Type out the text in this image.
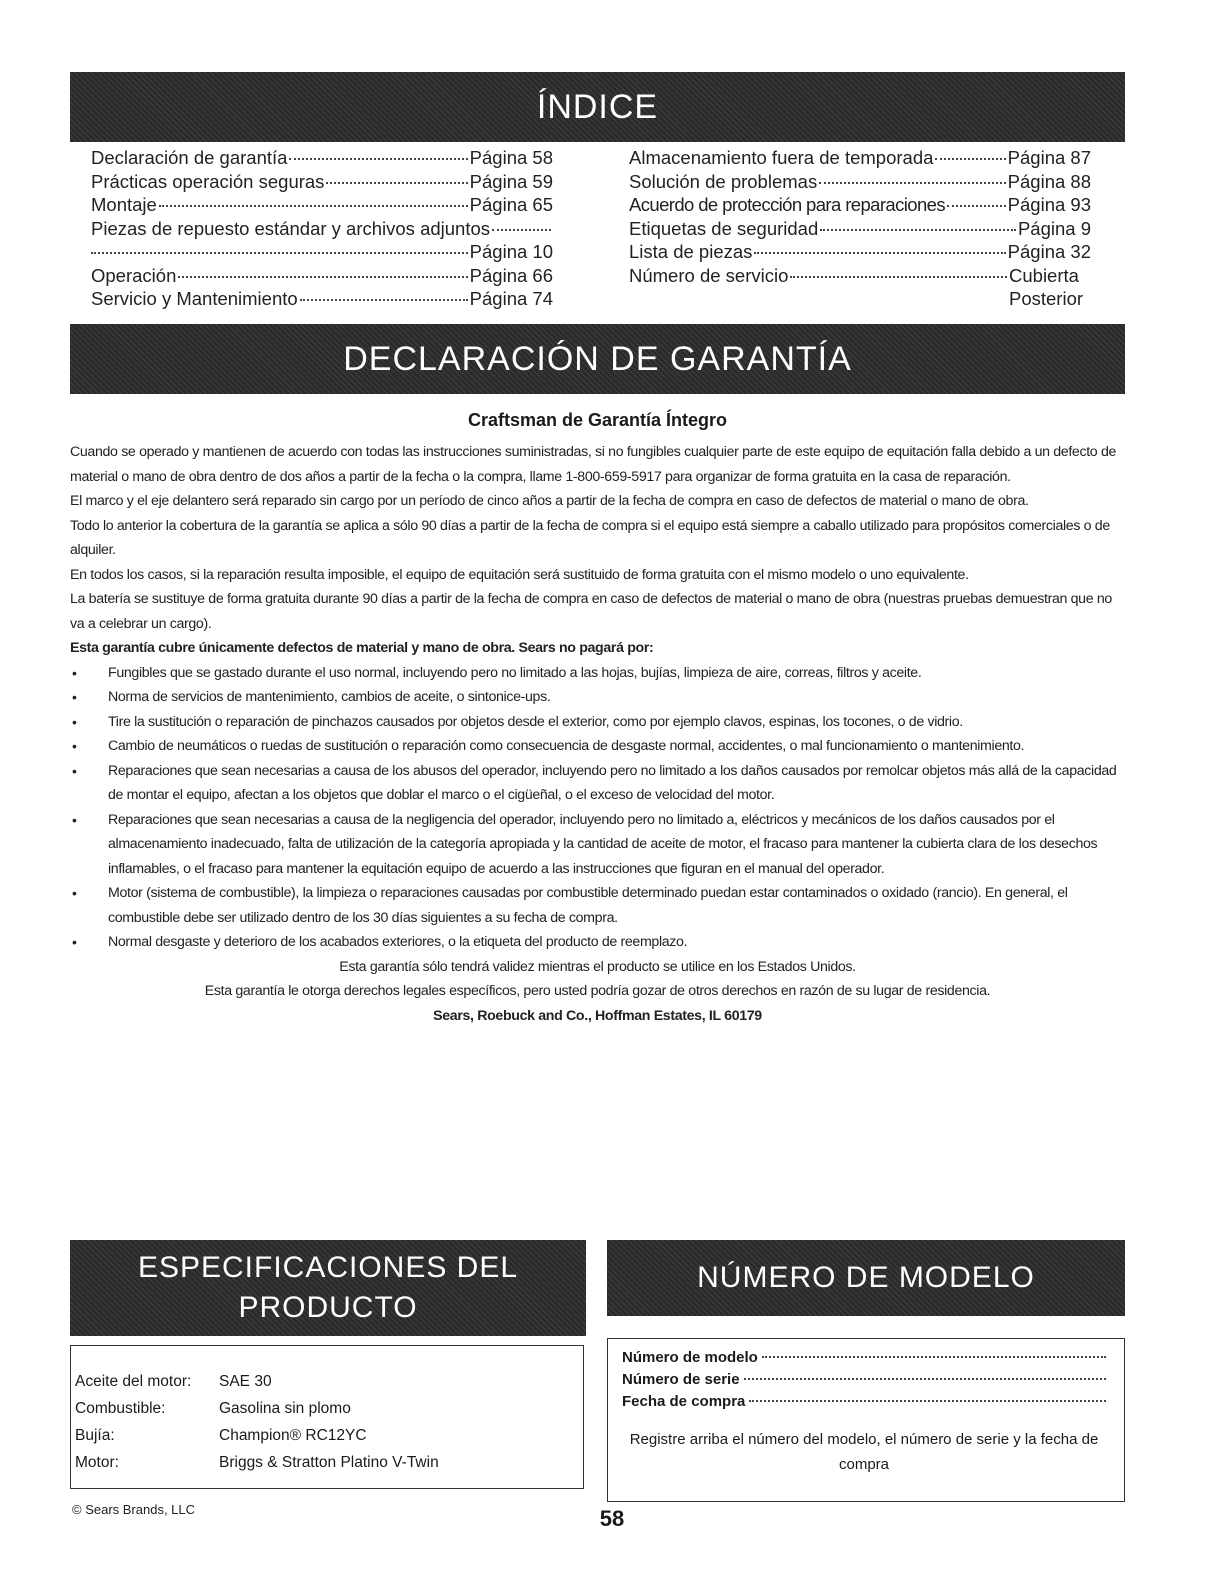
ÍNDICE
Declaración de garantía	Página 58
Prácticas operación seguras	Página 59
Montaje	Página 65
Piezas de repuesto estándar y archivos adjuntos
Página 10
Operación	Página 66
Servicio y Mantenimiento	Página 74
Almacenamiento fuera de temporada	Página 87
Solución de problemas	Página 88
Acuerdo de protección para reparaciones	Página 93
Etiquetas de seguridad	Página 9
Lista de piezas	Página 32
Número de servicio	Cubierta
Posterior
DECLARACIÓN DE GARANTÍA
Craftsman de Garantía Íntegro

Cuando se operado y mantienen de acuerdo con todas las instrucciones suministradas, si no fungibles cualquier parte de este equipo de equitación falla debido a un defecto de material o mano de obra dentro de dos años a partir de la fecha o la compra, llame 1-800-659-5917 para organizar de forma gratuita en la casa de reparación.

El marco y el eje delantero será reparado sin cargo por un período de cinco años a partir de la fecha de compra en caso de defectos de material o mano de obra.

Todo lo anterior la cobertura de la garantía se aplica a sólo 90 días a partir de la fecha de compra si el equipo está siempre a caballo utilizado para propósitos comerciales o de alquiler.

En todos los casos, si la reparación resulta imposible, el equipo de equitación será sustituido de forma gratuita con el mismo modelo o uno equivalente.

La batería se sustituye de forma gratuita durante 90 días a partir de la fecha de compra en caso de defectos de material o mano de obra (nuestras pruebas demuestran que no va a celebrar un cargo).

Esta garantía cubre únicamente defectos de material y mano de obra. Sears no pagará por:

• Fungibles que se gastado durante el uso normal, incluyendo pero no limitado a las hojas, bujías, limpieza de aire, correas, filtros y aceite.
• Norma de servicios de mantenimiento, cambios de aceite, o sintonice-ups.
• Tire la sustitución o reparación de pinchazos causados por objetos desde el exterior, como por ejemplo clavos, espinas, los tocones, o de vidrio.
• Cambio de neumáticos o ruedas de sustitución o reparación como consecuencia de desgaste normal, accidentes, o mal funcionamiento o mantenimiento.
• Reparaciones que sean necesarias a causa de los abusos del operador, incluyendo pero no limitado a los daños causados por remolcar objetos más allá de la capacidad de montar el equipo, afectan a los objetos que doblar el marco o el cigüeñal, o el exceso de velocidad del motor.
• Reparaciones que sean necesarias a causa de la negligencia del operador, incluyendo pero no limitado a, eléctricos y mecánicos de los daños causados por el almacenamiento inadecuado, falta de utilización de la categoría apropiada y la cantidad de aceite de motor, el fracaso para mantener la cubierta clara de los desechos inflamables, o el fracaso para mantener la equitación equipo de acuerdo a las instrucciones que figuran en el manual del operador.
• Motor (sistema de combustible), la limpieza o reparaciones causadas por combustible determinado puedan estar contaminados o oxidado (rancio). En general, el combustible debe ser utilizado dentro de los 30 días siguientes a su fecha de compra.
• Normal desgaste y deterioro de los acabados exteriores, o la etiqueta del producto de reemplazo.

Esta garantía sólo tendrá validez mientras el producto se utilice en los Estados Unidos.

Esta garantía le otorga derechos legales específicos, pero usted podría gozar de otros derechos en razón de su lugar de residencia.

Sears, Roebuck and Co., Hoffman Estates, IL 60179

ESPECIFICACIONES DEL
PRODUCTO
Aceite del motor:	SAE 30
Combustible:	Gasolina sin plomo
Bujía:	Champion® RC12YC
Motor:	Briggs & Stratton Platino V-Twin
NÚMERO DE MODELO
Número de modelo
Número de serie
Fecha de compra
Registre arriba el número del modelo, el número de serie y la fecha de compra
© Sears Brands, LLC	58
